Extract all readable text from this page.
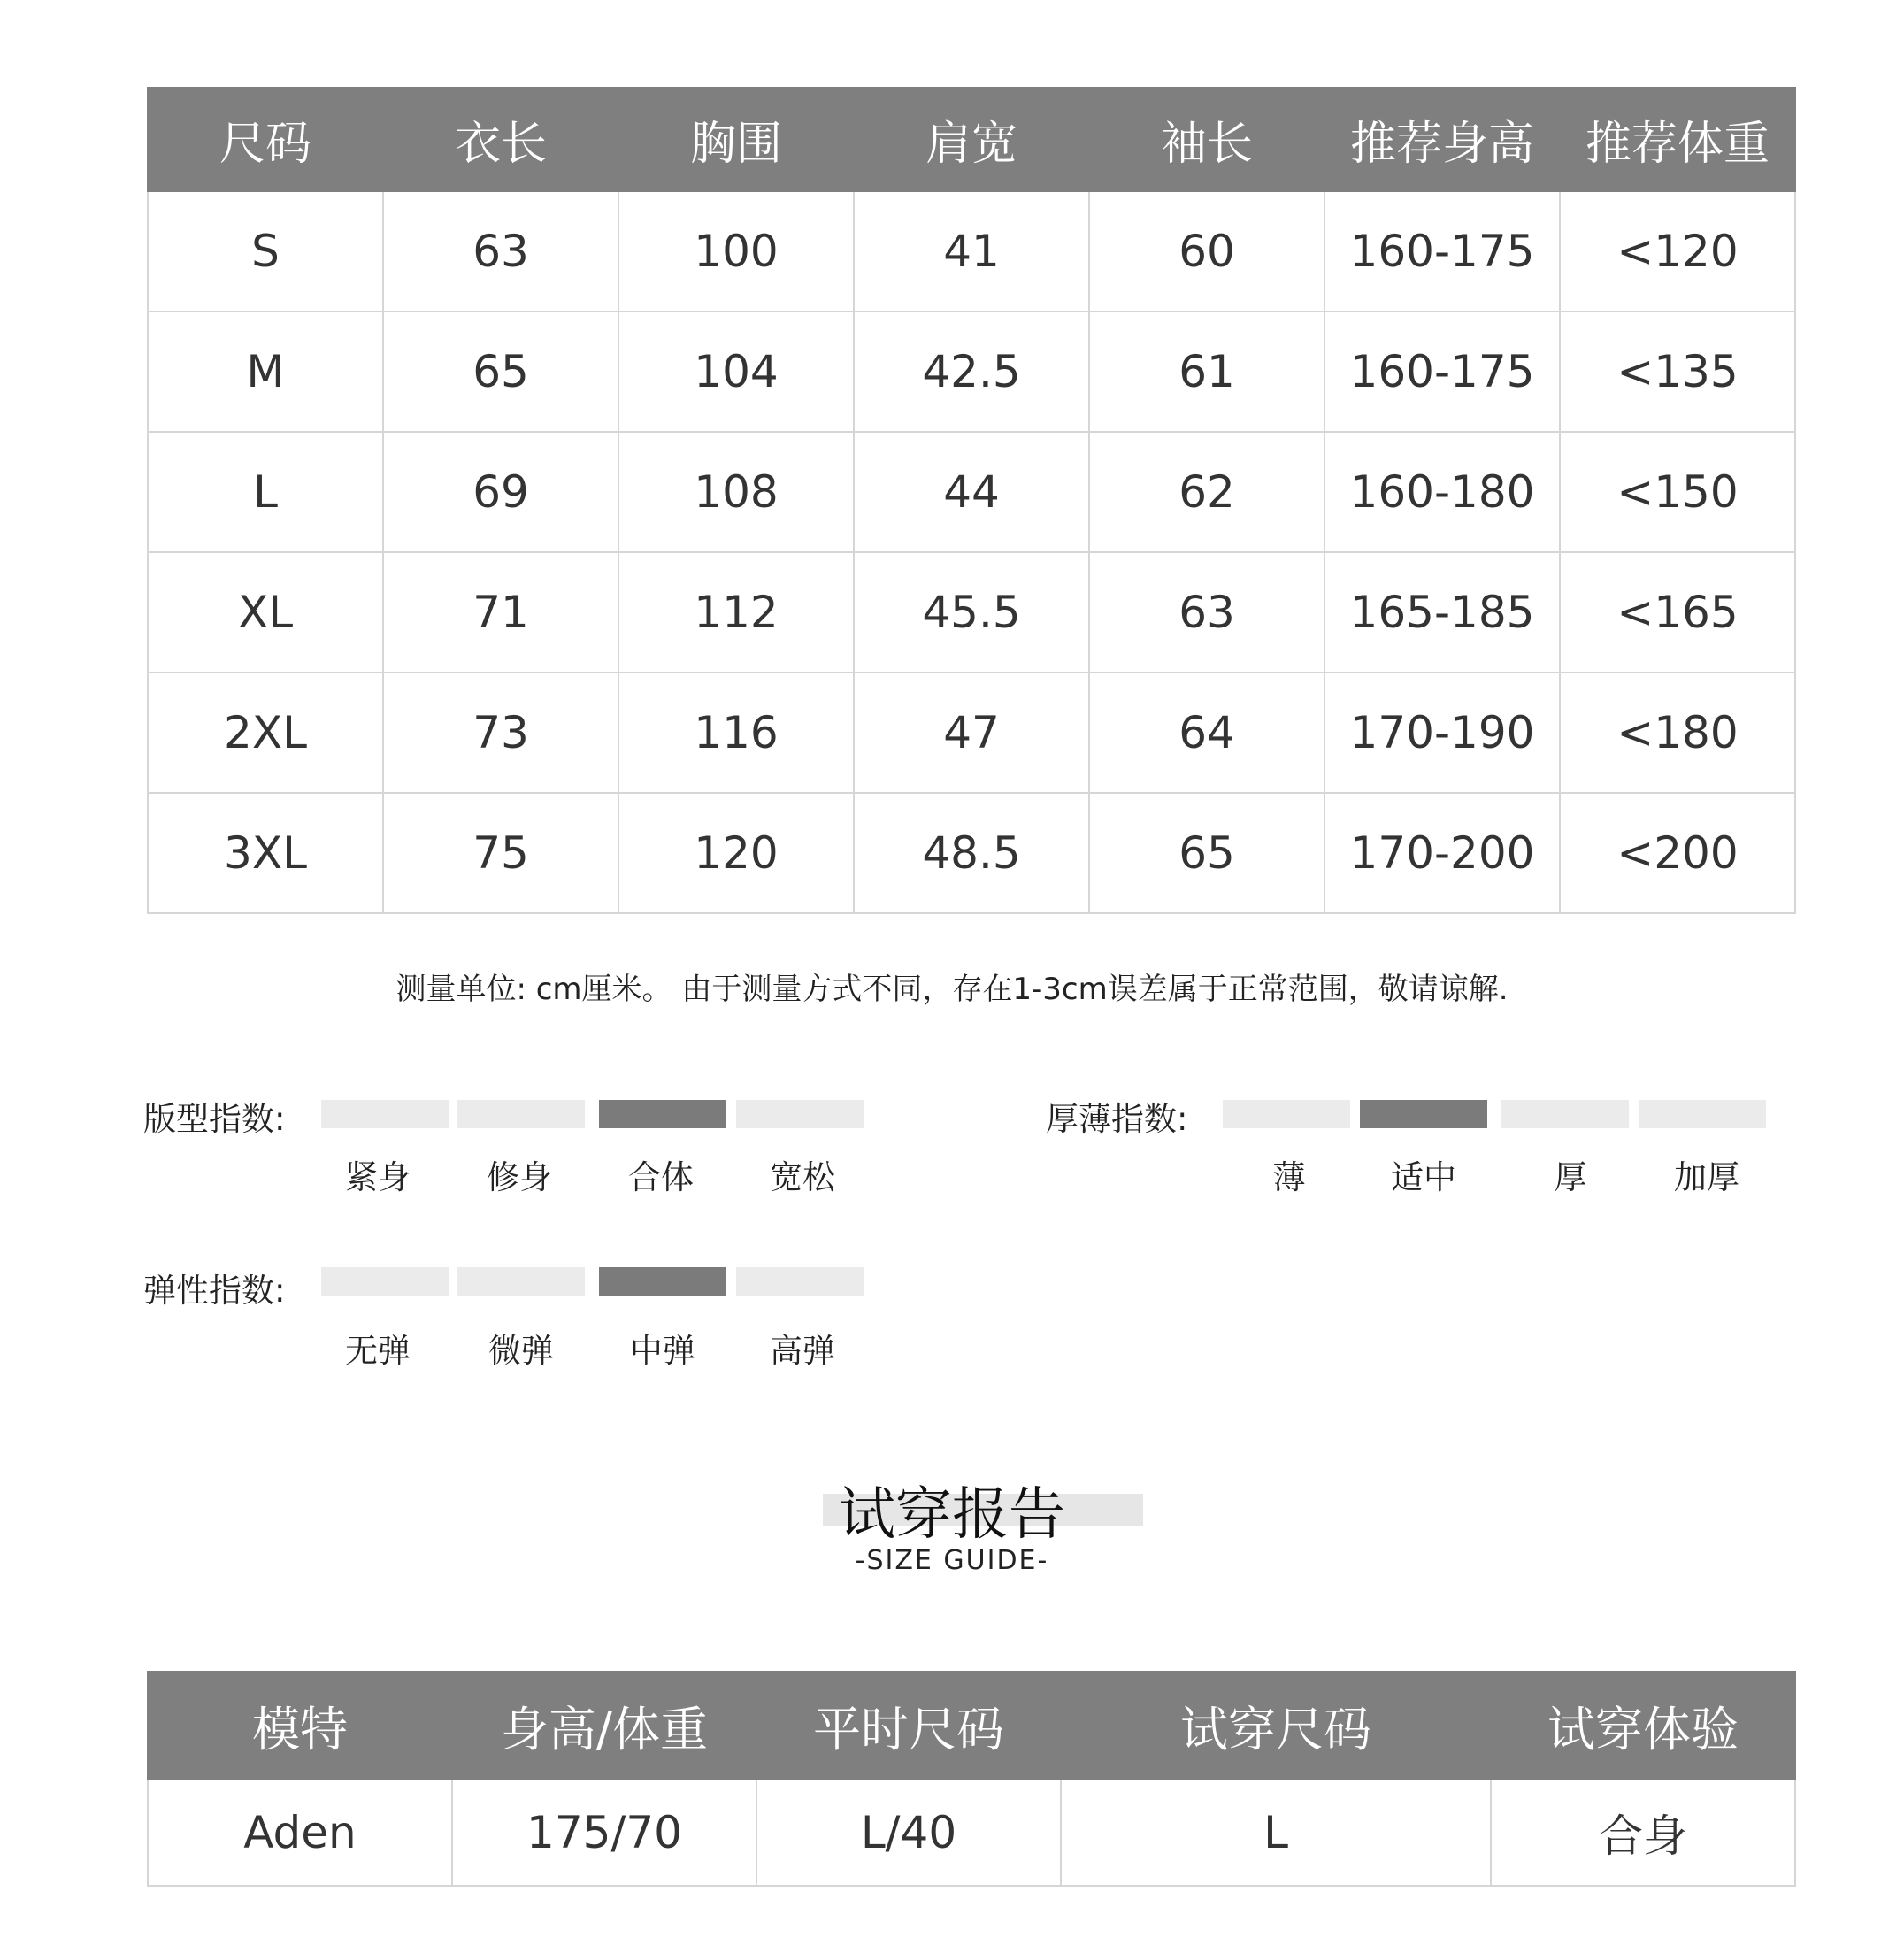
尺码	衣长	胸围	肩宽	袖长	推荐身高	推荐体重
S	63	100	41	60	160-175	<120
M	65	104	42.5	61	160-175	<135
L	69	108	44	62	160-180	<150
XL	71	112	45.5	63	165-185	<165
2XL	73	116	47	64	170-190	<180
3XL	75	120	48.5	65	170-200	<200

测量单位: cm厘米。 由于测量方式不同，存在1-3cm误差属于正常范围，敬请谅解.

版型指数:
紧身	修身	合体	宽松
厚薄指数:
薄	适中	厚	加厚
弹性指数:
无弹	微弹	中弹	高弹
试穿报告
-SIZE GUIDE-
模特	身高/体重	平时尺码	试穿尺码	试穿体验
Aden	175/70	L/40	L	合身
